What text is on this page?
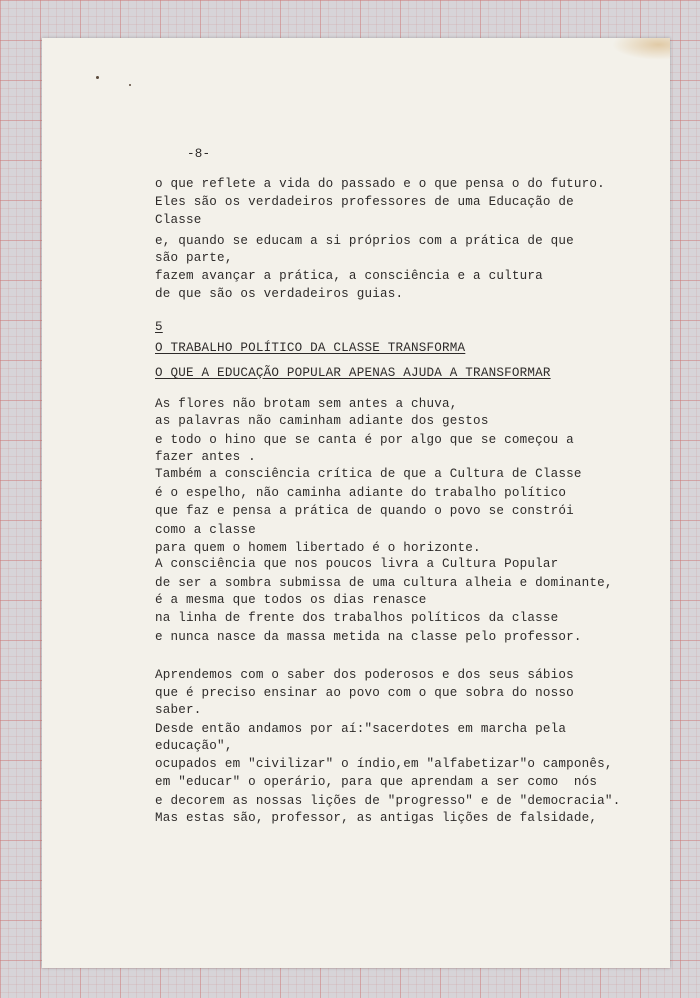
-8-

o que reflete a vida do passado e o que pensa o do futuro.

Eles são os verdadeiros professores de uma Educação de

Classe

e, quando se educam a si próprios com a prática de que

são parte,

fazem avançar a prática, a consciência e a cultura

de que são os verdadeiros guias.

5

O TRABALHO POLÍTICO DA CLASSE TRANSFORMA

O QUE A EDUCAÇÃO POPULAR APENAS AJUDA A TRANSFORMAR

As flores não brotam sem antes a chuva,

as palavras não caminham adiante dos gestos

e todo o hino que se canta é por algo que se começou a

fazer antes .

Também a consciência crítica de que a Cultura de Classe

é o espelho, não caminha adiante do trabalho político

que faz e pensa a prática de quando o povo se constrói

como a classe

para quem o homem libertado é o horizonte.

A consciência que nos poucos livra a Cultura Popular

de ser a sombra submissa de uma cultura alheia e dominante,

é a mesma que todos os dias renasce

na linha de frente dos trabalhos políticos da classe

e nunca nasce da massa metida na classe pelo professor.

Aprendemos com o saber dos poderosos e dos seus sábios

que é preciso ensinar ao povo com o que sobra do nosso

saber.

Desde então andamos por aí:"sacerdotes em marcha pela

educação",

ocupados em "civilizar" o índio,em "alfabetizar"o camponês,

em "educar" o operário, para que aprendam a ser como  nós

e decorem as nossas lições de "progresso" e de "democracia".

Mas estas são, professor, as antigas lições de falsidade,
